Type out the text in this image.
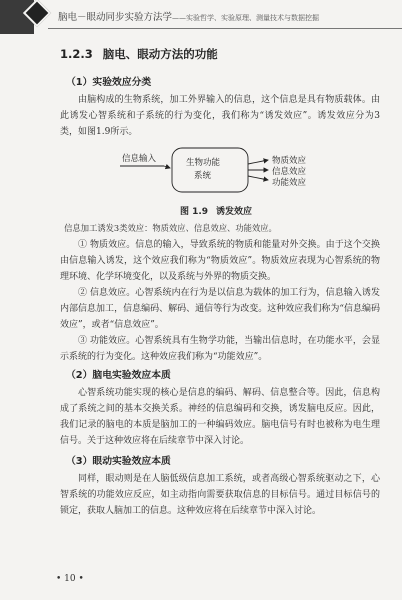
脑电－眼动同步实验方法学——实验哲学、实验原理、测量技术与数据挖掘
1.2.3 脑电、眼动方法的功能
（1）实验效应分类

由脑构成的生物系统，加工外界输入的信息，这个信息是具有物质载体。由此诱发心智系统和子系统的行为变化，我们称为“诱发效应”。诱发效应分为3类，如图1.9所示。

信息输入	生物功能
系统
物质效应
信息效应
功能效应
图 1.9 诱发效应
信息加工诱发3类效应：物质效应、信息效应、功能效应。

① 物质效应。信息的输入，导致系统的物质和能量对外交换。由于这个交换由信息输入诱发，这个效应我们称为“物质效应”。物质效应表现为心智系统的物理环境、化学环境变化，以及系统与外界的物质交换。

② 信息效应。心智系统内在行为是以信息为载体的加工行为，信息输入诱发内部信息加工，信息编码、解码、通信等行为改变。这种效应我们称为“信息编码效应”，或者“信息效应”。

③ 功能效应。心智系统具有生物学功能，当输出信息时，在功能水平，会显示系统的行为变化。这种效应我们称为“功能效应”。

（2）脑电实验效应本质

心智系统功能实现的核心是信息的编码、解码、信息整合等。因此，信息构成了系统之间的基本交换关系。神经的信息编码和交换，诱发脑电反应。因此，我们记录的脑电的本质是脑加工的一种编码效应。脑电信号有时也被称为电生理信号。关于这种效应将在后续章节中深入讨论。

（3）眼动实验效应本质

同样，眼动则是在人脑低级信息加工系统，或者高级心智系统驱动之下，心智系统的功能效应反应，如主动指向需要获取信息的目标信号。通过目标信号的锁定，获取人脑加工的信息。这种效应将在后续章节中深入讨论。

• 10 •
